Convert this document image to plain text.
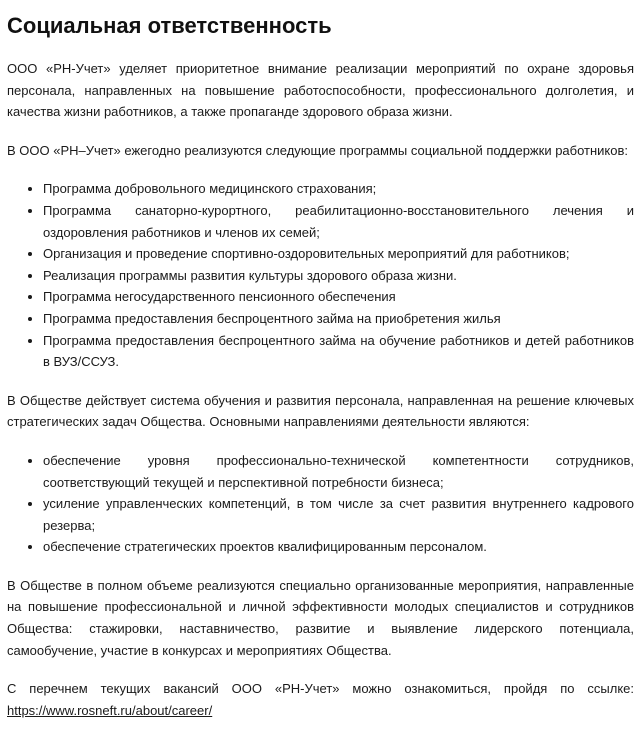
Социальная ответственность

ООО «РН-Учет» уделяет приоритетное внимание реализации мероприятий по охране здоровья персонала, направленных на повышение работоспособности, профессионального долголетия, и качества жизни работников, а также пропаганде здорового образа жизни.

В ООО «РН–Учет» ежегодно реализуются следующие программы социальной поддержки работников:

• Программа добровольного медицинского страхования;
• Программа санаторно-курортного, реабилитационно-восстановительного лечения и оздоровления работников и членов их семей;
• Организация и проведение спортивно-оздоровительных мероприятий для работников;
• Реализация программы развития культуры здорового образа жизни.
• Программа негосударственного пенсионного обеспечения
• Программа предоставления беспроцентного займа на приобретения жилья
• Программа предоставления беспроцентного займа на обучение работников и детей работников в ВУЗ/ССУЗ.

В Обществе действует система обучения и развития персонала, направленная на решение ключевых стратегических задач Общества. Основными направлениями деятельности являются:

• обеспечение уровня профессионально-технической компетентности сотрудников, соответствующий текущей и перспективной потребности бизнеса;
• усиление управленческих компетенций, в том числе за счет развития внутреннего кадрового резерва;
• обеспечение стратегических проектов квалифицированным персоналом.

В Обществе в полном объеме реализуются специально организованные мероприятия, направленные на повышение профессиональной и личной эффективности молодых специалистов и сотрудников Общества: стажировки, наставничество, развитие и выявление лидерского потенциала, самообучение, участие в конкурсах и мероприятиях Общества.

С перечнем текущих вакансий ООО «РН-Учет» можно ознакомиться, пройдя по ссылке: https://www.rosneft.ru/about/career/
